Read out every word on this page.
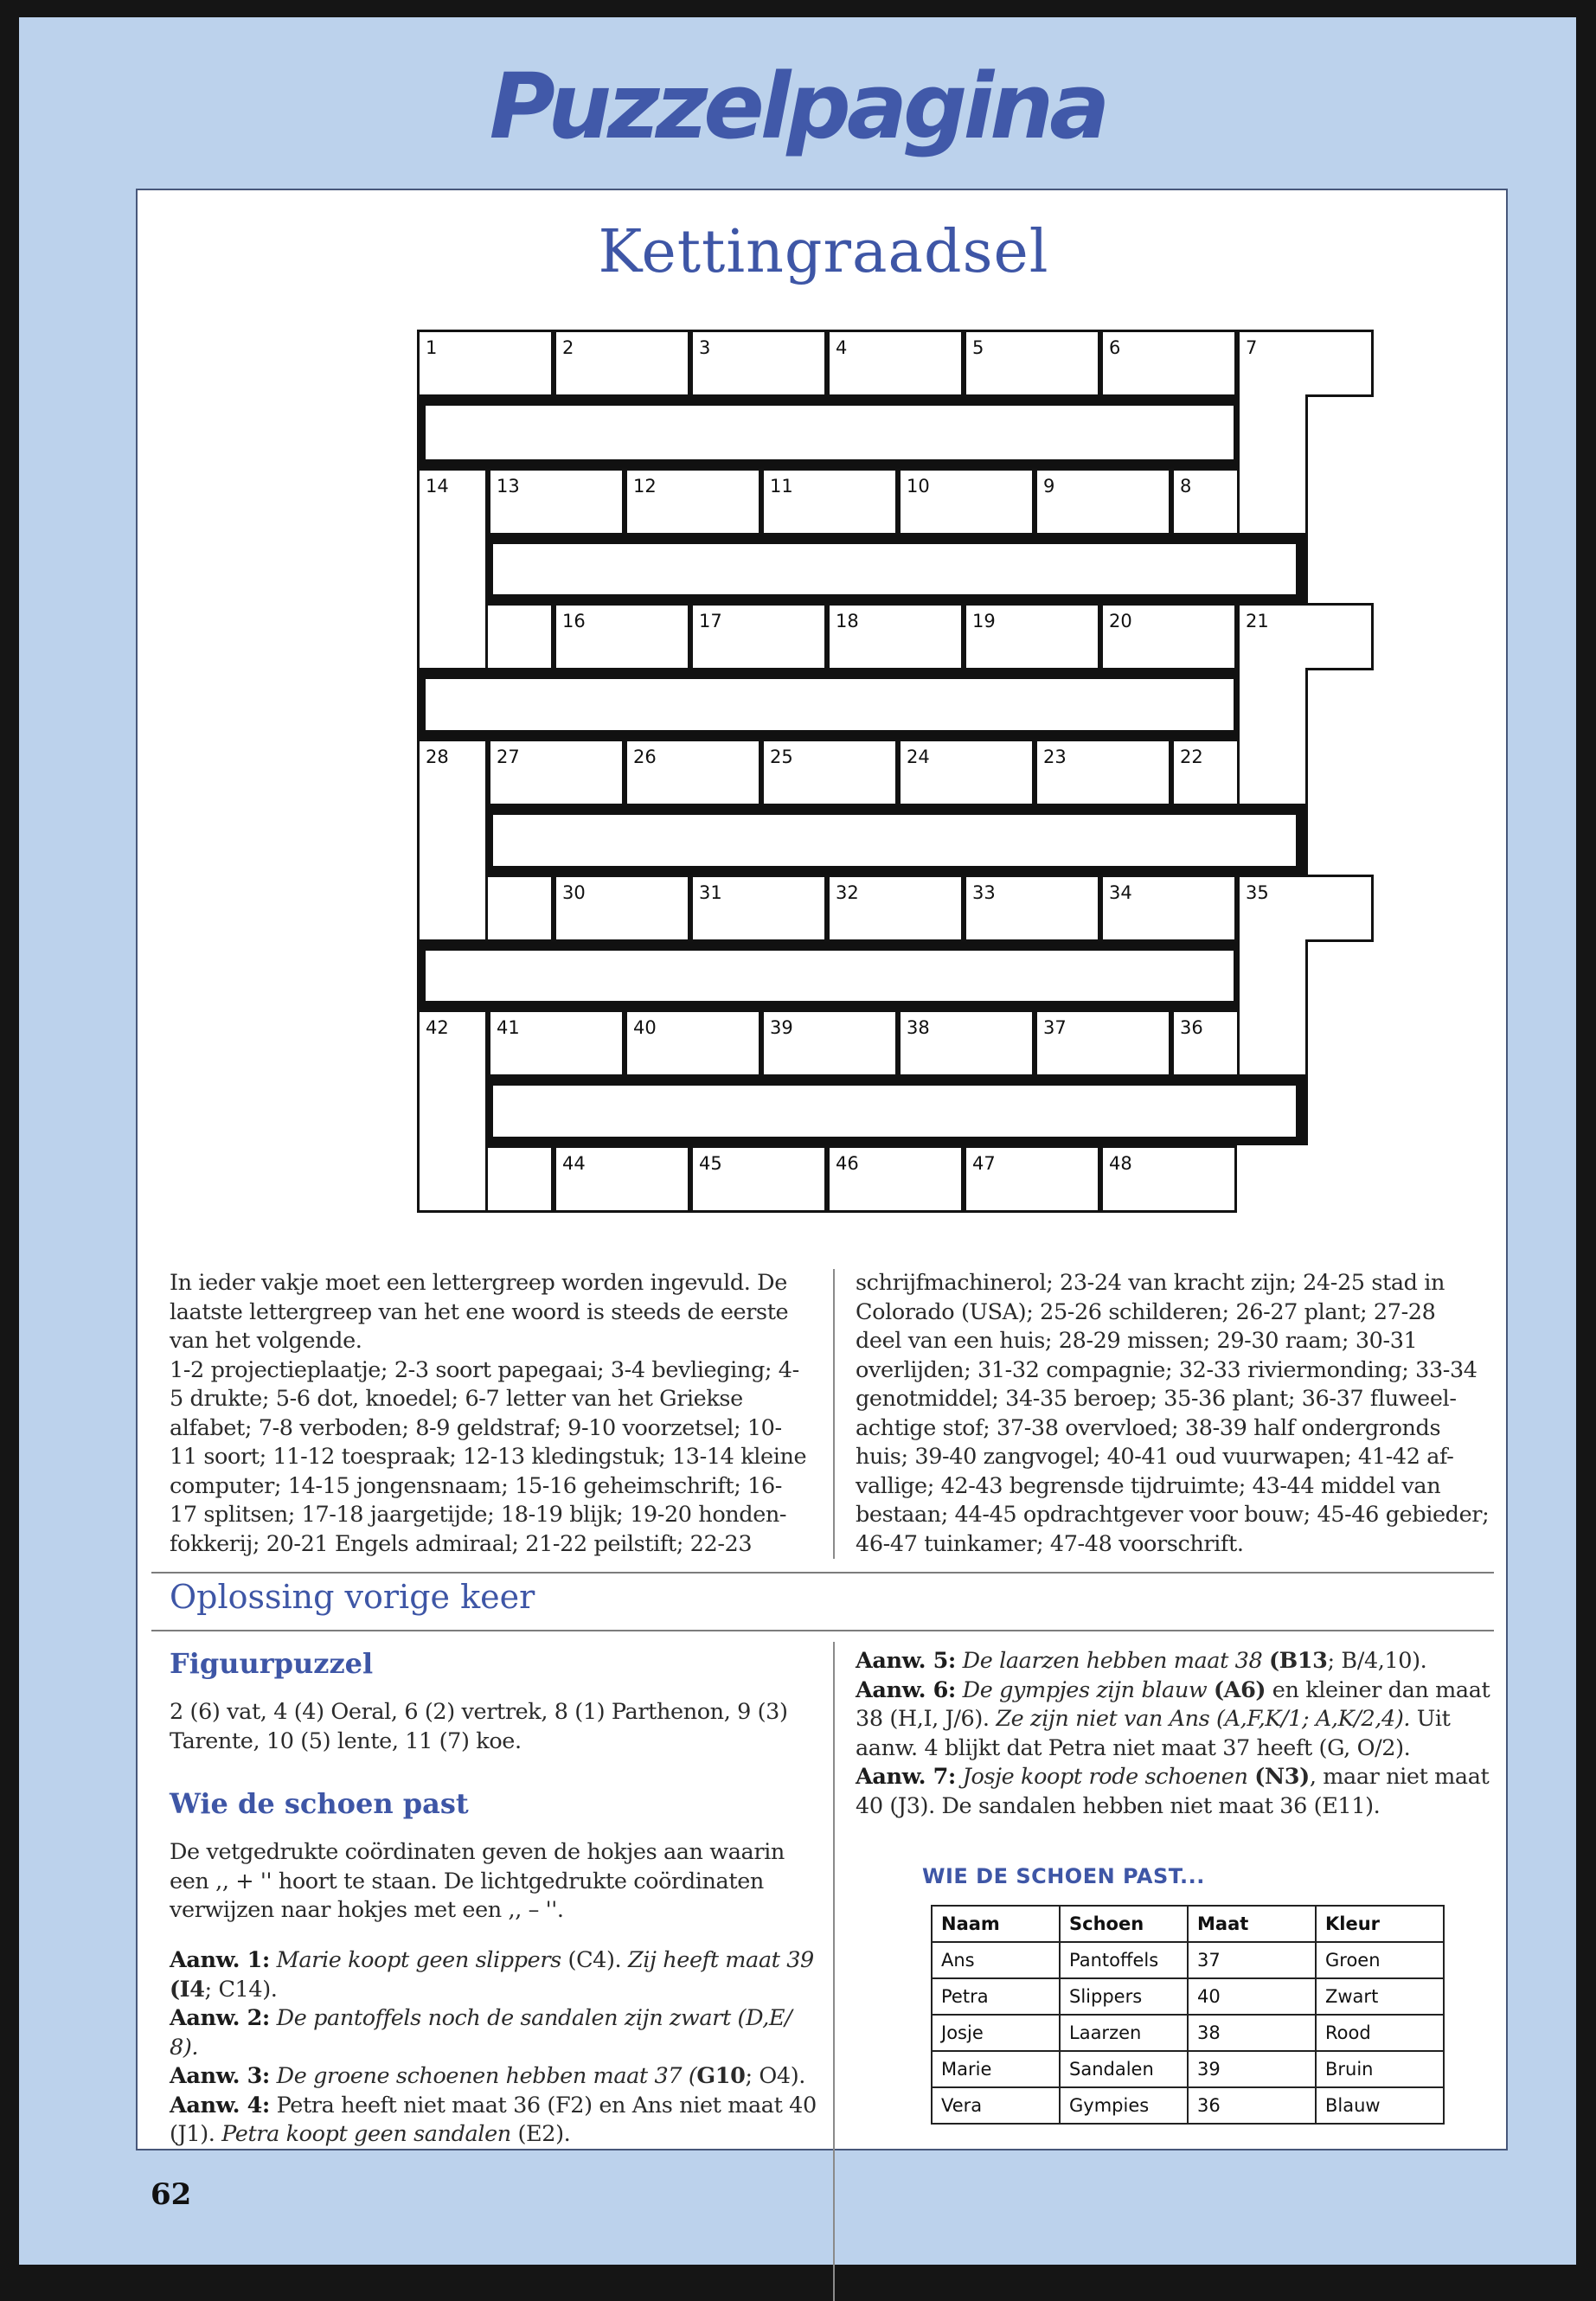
Puzzelpagina
Kettingraadsel
1	2	3	4	5	6	7
14	13	12	11	10	9	8
16	17	18	19	20	21
28	27	26	25	24	23	22
30	31	32	33	34	35
42	41	40	39	38	37	36
44	45	46	47	48

In ieder vakje moet een lettergreep worden ingevuld. De

laatste lettergreep van het ene woord is steeds de eerste

van het volgende.

1-2 projectieplaatje; 2-3 soort papegaai; 3-4 bevlieging; 4-

5 drukte; 5-6 dot, knoedel; 6-7 letter van het Griekse

alfabet; 7-8 verboden; 8-9 geldstraf; 9-10 voorzetsel; 10-

11 soort; 11-12 toespraak; 12-13 kledingstuk; 13-14 kleine

computer; 14-15 jongensnaam; 15-16 geheimschrift; 16-

17 splitsen; 17-18 jaargetijde; 18-19 blijk; 19-20 honden-

fokkerij; 20-21 Engels admiraal; 21-22 peilstift; 22-23

schrijfmachinerol; 23-24 van kracht zijn; 24-25 stad in

Colorado (USA); 25-26 schilderen; 26-27 plant; 27-28

deel van een huis; 28-29 missen; 29-30 raam; 30-31

overlijden; 31-32 compagnie; 32-33 riviermonding; 33-34

genotmiddel; 34-35 beroep; 35-36 plant; 36-37 fluweel-

achtige stof; 37-38 overvloed; 38-39 half ondergronds

huis; 39-40 zangvogel; 40-41 oud vuurwapen; 41-42 af-

vallige; 42-43 begrensde tijdruimte; 43-44 middel van

bestaan; 44-45 opdrachtgever voor bouw; 45-46 gebieder;

46-47 tuinkamer; 47-48 voorschrift.

Oplossing vorige keer
Figuurpuzzel

2 (6) vat, 4 (4) Oeral, 6 (2) vertrek, 8 (1) Parthenon, 9 (3)

Tarente, 10 (5) lente, 11 (7) koe.

Wie de schoen past

De vetgedrukte coördinaten geven de hokjes aan waarin

een ,, + '' hoort te staan. De lichtgedrukte coördinaten

verwijzen naar hokjes met een ,, – ''.

Aanw. 1: Marie koopt geen slippers (C4). Zij heeft maat 39

(I4; C14).

Aanw. 2: De pantoffels noch de sandalen zijn zwart (D,E/

8).

Aanw. 3: De groene schoenen hebben maat 37 (G10; O4).

Aanw. 4: Petra heeft niet maat 36 (F2) en Ans niet maat 40

(J1). Petra koopt geen sandalen (E2).

Aanw. 5: De laarzen hebben maat 38 (B13; B/4,10).

Aanw. 6: De gympjes zijn blauw (A6) en kleiner dan maat

38 (H,I, J/6). Ze zijn niet van Ans (A,F,K/1; A,K/2,4). Uit

aanw. 4 blijkt dat Petra niet maat 37 heeft (G, O/2).

Aanw. 7: Josje koopt rode schoenen (N3), maar niet maat

40 (J3). De sandalen hebben niet maat 36 (E11).

WIE DE SCHOEN PAST...
Naam	Schoen	Maat	Kleur
Ans	Pantoffels	37	Groen
Petra	Slippers	40	Zwart
Josje	Laarzen	38	Rood
Marie	Sandalen	39	Bruin
Vera	Gympies	36	Blauw
62
